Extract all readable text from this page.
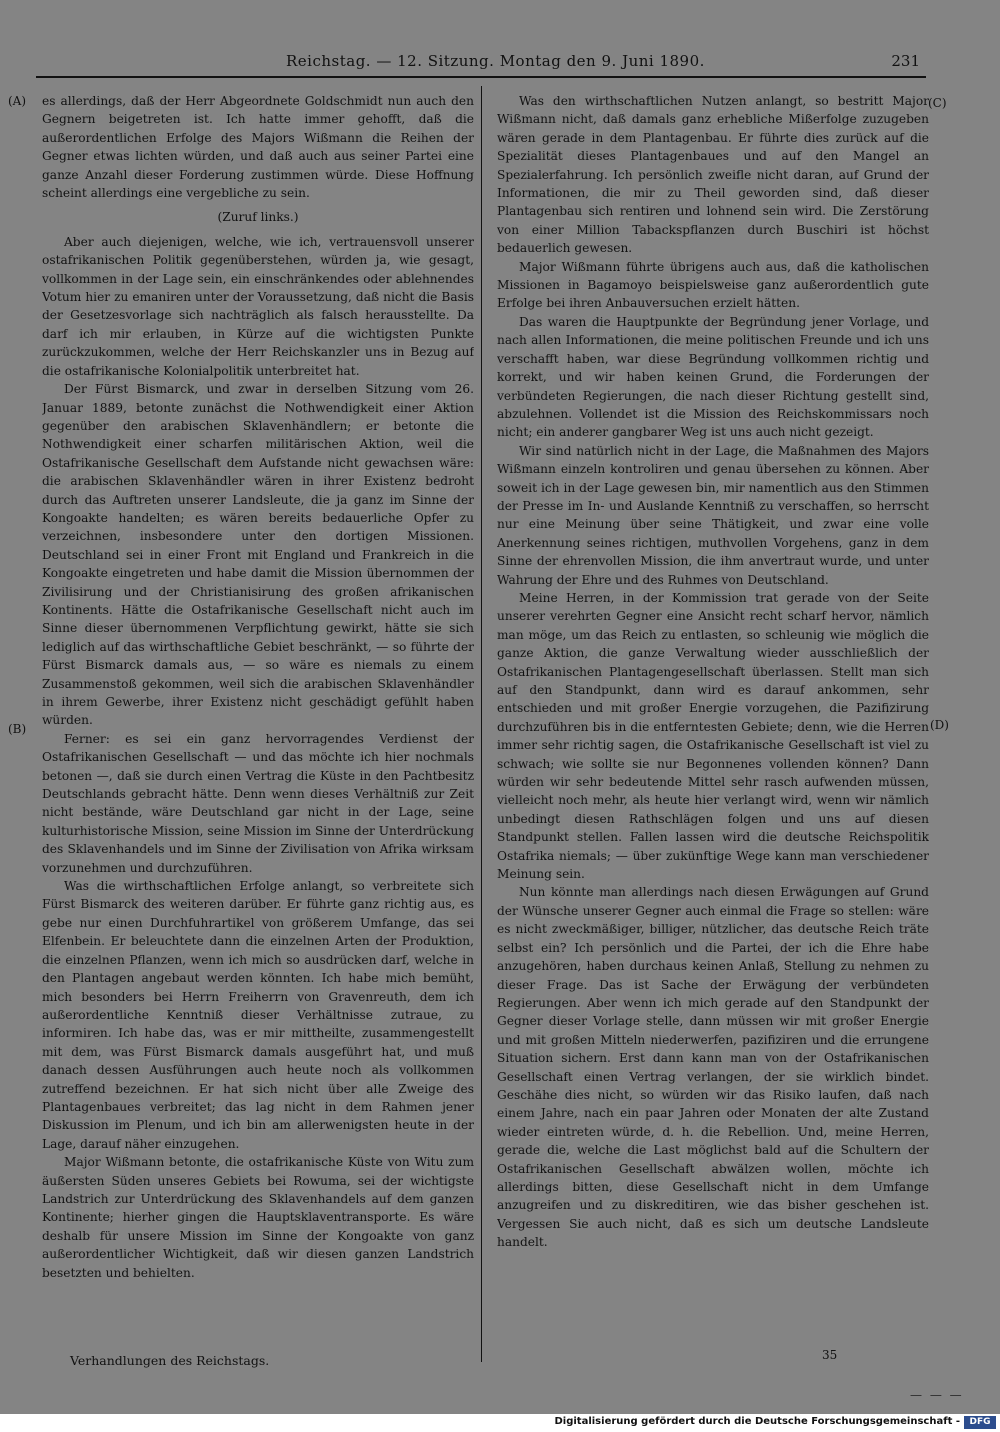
Reichstag. — 12. Sitzung. Montag den 9. Juni 1890.	231
(A)
(B)
(C)
(D)

es allerdings, daß der Herr Abgeordnete Goldschmidt nun auch den Gegnern beigetreten ist. Ich hatte immer gehofft, daß die außerordentlichen Erfolge des Majors Wißmann die Reihen der Gegner etwas lichten würden, und daß auch aus seiner Partei eine ganze Anzahl dieser Forderung zustimmen würde. Diese Hoffnung scheint allerdings eine vergebliche zu sein.

(Zuruf links.)

Aber auch diejenigen, welche, wie ich, vertrauensvoll unserer ostafrikanischen Politik gegenüberstehen, würden ja, wie gesagt, vollkommen in der Lage sein, ein einschränkendes oder ablehnendes Votum hier zu emaniren unter der Voraussetzung, daß nicht die Basis der Gesetzesvorlage sich nachträglich als falsch herausstellte. Da darf ich mir erlauben, in Kürze auf die wichtigsten Punkte zurückzukommen, welche der Herr Reichskanzler uns in Bezug auf die ostafrikanische Kolonialpolitik unterbreitet hat.

Der Fürst Bismarck, und zwar in derselben Sitzung vom 26. Januar 1889, betonte zunächst die Nothwendigkeit einer Aktion gegenüber den arabischen Sklavenhändlern; er betonte die Nothwendigkeit einer scharfen militärischen Aktion, weil die Ostafrikanische Gesellschaft dem Aufstande nicht gewachsen wäre: die arabischen Sklavenhändler wären in ihrer Existenz bedroht durch das Auftreten unserer Landsleute, die ja ganz im Sinne der Kongoakte handelten; es wären bereits bedauerliche Opfer zu verzeichnen, insbesondere unter den dortigen Missionen. Deutschland sei in einer Front mit England und Frankreich in die Kongoakte eingetreten und habe damit die Mission übernommen der Zivilisirung und der Christianisirung des großen afrikanischen Kontinents. Hätte die Ostafrikanische Gesellschaft nicht auch im Sinne dieser übernommenen Verpflichtung gewirkt, hätte sie sich lediglich auf das wirthschaftliche Gebiet beschränkt, — so führte der Fürst Bismarck damals aus, — so wäre es niemals zu einem Zusammenstoß gekommen, weil sich die arabischen Sklavenhändler in ihrem Gewerbe, ihrer Existenz nicht geschädigt gefühlt haben würden.

Ferner: es sei ein ganz hervorragendes Verdienst der Ostafrikanischen Gesellschaft — und das möchte ich hier nochmals betonen —, daß sie durch einen Vertrag die Küste in den Pachtbesitz Deutschlands gebracht hätte. Denn wenn dieses Verhältniß zur Zeit nicht bestände, wäre Deutschland gar nicht in der Lage, seine kulturhistorische Mission, seine Mission im Sinne der Unterdrückung des Sklavenhandels und im Sinne der Zivilisation von Afrika wirksam vorzunehmen und durchzuführen.

Was die wirthschaftlichen Erfolge anlangt, so verbreitete sich Fürst Bismarck des weiteren darüber. Er führte ganz richtig aus, es gebe nur einen Durchfuhrartikel von größerem Umfange, das sei Elfenbein. Er beleuchtete dann die einzelnen Arten der Produktion, die einzelnen Pflanzen, wenn ich mich so ausdrücken darf, welche in den Plantagen angebaut werden könnten. Ich habe mich bemüht, mich besonders bei Herrn Freiherrn von Gravenreuth, dem ich außerordentliche Kenntniß dieser Verhältnisse zutraue, zu informiren. Ich habe das, was er mir mittheilte, zusammengestellt mit dem, was Fürst Bismarck damals ausgeführt hat, und muß danach dessen Ausführungen auch heute noch als vollkommen zutreffend bezeichnen. Er hat sich nicht über alle Zweige des Plantagenbaues verbreitet; das lag nicht in dem Rahmen jener Diskussion im Plenum, und ich bin am allerwenigsten heute in der Lage, darauf näher einzugehen.

Major Wißmann betonte, die ostafrikanische Küste von Witu zum äußersten Süden unseres Gebiets bei Rowuma, sei der wichtigste Landstrich zur Unterdrückung des Sklavenhandels auf dem ganzen Kontinente; hierher gingen die Hauptsklaventransporte. Es wäre deshalb für unsere Mission im Sinne der Kongoakte von ganz außerordentlicher Wichtigkeit, daß wir diesen ganzen Landstrich besetzten und behielten.

Was den wirthschaftlichen Nutzen anlangt, so bestritt Major Wißmann nicht, daß damals ganz erhebliche Mißerfolge zuzugeben wären gerade in dem Plantagenbau. Er führte dies zurück auf die Spezialität dieses Plantagenbaues und auf den Mangel an Spezialerfahrung. Ich persönlich zweifle nicht daran, auf Grund der Informationen, die mir zu Theil geworden sind, daß dieser Plantagenbau sich rentiren und lohnend sein wird. Die Zerstörung von einer Million Tabackspflanzen durch Buschiri ist höchst bedauerlich gewesen.

Major Wißmann führte übrigens auch aus, daß die katholischen Missionen in Bagamoyo beispielsweise ganz außerordentlich gute Erfolge bei ihren Anbauversuchen erzielt hätten.

Das waren die Hauptpunkte der Begründung jener Vorlage, und nach allen Informationen, die meine politischen Freunde und ich uns verschafft haben, war diese Begründung vollkommen richtig und korrekt, und wir haben keinen Grund, die Forderungen der verbündeten Regierungen, die nach dieser Richtung gestellt sind, abzulehnen. Vollendet ist die Mission des Reichskommissars noch nicht; ein anderer gangbarer Weg ist uns auch nicht gezeigt.

Wir sind natürlich nicht in der Lage, die Maßnahmen des Majors Wißmann einzeln kontroliren und genau übersehen zu können. Aber soweit ich in der Lage gewesen bin, mir namentlich aus den Stimmen der Presse im In- und Auslande Kenntniß zu verschaffen, so herrscht nur eine Meinung über seine Thätigkeit, und zwar eine volle Anerkennung seines richtigen, muthvollen Vorgehens, ganz in dem Sinne der ehrenvollen Mission, die ihm anvertraut wurde, und unter Wahrung der Ehre und des Ruhmes von Deutschland.

Meine Herren, in der Kommission trat gerade von der Seite unserer verehrten Gegner eine Ansicht recht scharf hervor, nämlich man möge, um das Reich zu entlasten, so schleunig wie möglich die ganze Aktion, die ganze Verwaltung wieder ausschließlich der Ostafrikanischen Plantagengesellschaft überlassen. Stellt man sich auf den Standpunkt, dann wird es darauf ankommen, sehr entschieden und mit großer Energie vorzugehen, die Pazifizirung durchzuführen bis in die entferntesten Gebiete; denn, wie die Herren immer sehr richtig sagen, die Ostafrikanische Gesellschaft ist viel zu schwach; wie sollte sie nur Begonnenes vollenden können? Dann würden wir sehr bedeutende Mittel sehr rasch aufwenden müssen, vielleicht noch mehr, als heute hier verlangt wird, wenn wir nämlich unbedingt diesen Rathschlägen folgen und uns auf diesen Standpunkt stellen. Fallen lassen wird die deutsche Reichspolitik Ostafrika niemals; — über zukünftige Wege kann man verschiedener Meinung sein.

Nun könnte man allerdings nach diesen Erwägungen auf Grund der Wünsche unserer Gegner auch einmal die Frage so stellen: wäre es nicht zweckmäßiger, billiger, nützlicher, das deutsche Reich träte selbst ein? Ich persönlich und die Partei, der ich die Ehre habe anzugehören, haben durchaus keinen Anlaß, Stellung zu nehmen zu dieser Frage. Das ist Sache der Erwägung der verbündeten Regierungen. Aber wenn ich mich gerade auf den Standpunkt der Gegner dieser Vorlage stelle, dann müssen wir mit großer Energie und mit großen Mitteln niederwerfen, pazifiziren und die errungene Situation sichern. Erst dann kann man von der Ostafrikanischen Gesellschaft einen Vertrag verlangen, der sie wirklich bindet. Geschähe dies nicht, so würden wir das Risiko laufen, daß nach einem Jahre, nach ein paar Jahren oder Monaten der alte Zustand wieder eintreten würde, d. h. die Rebellion. Und, meine Herren, gerade die, welche die Last möglichst bald auf die Schultern der Ostafrikanischen Gesellschaft abwälzen wollen, möchte ich allerdings bitten, diese Gesellschaft nicht in dem Umfange anzugreifen und zu diskreditiren, wie das bisher geschehen ist. Vergessen Sie auch nicht, daß es sich um deutsche Landsleute handelt.

Verhandlungen des Reichstags.	35
— — —
Digitalisierung gefördert durch die Deutsche Forschungsgemeinschaft -	DFG
